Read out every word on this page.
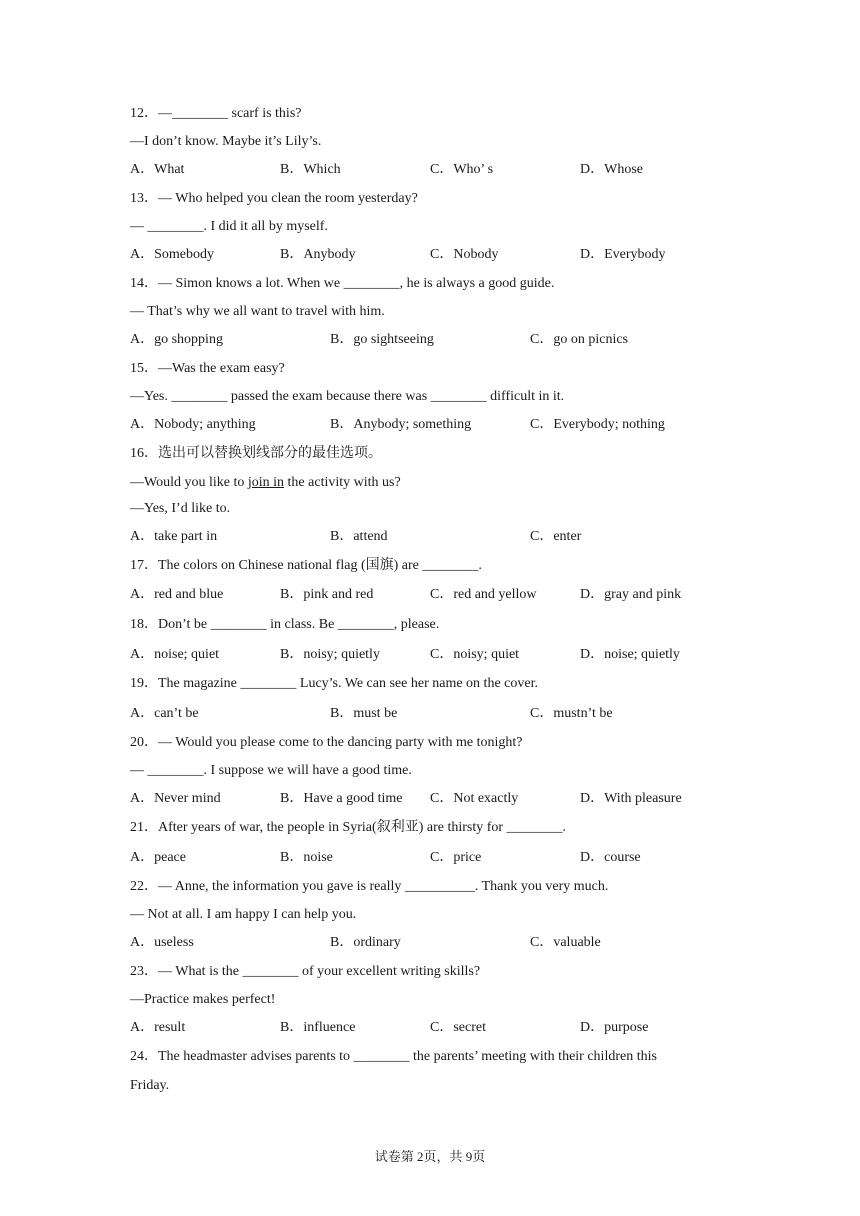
12．—________ scarf is this?
—I don’t know. Maybe it’s Lily’s.
A．What	B．Which	C．Who’ s	D．Whose
13．— Who helped you clean the room yesterday?
— ________. I did it all by myself.
A．Somebody	B．Anybody	C．Nobody	D．Everybody
14．— Simon knows a lot. When we ________, he is always a good guide.
— That’s why we all want to travel with him.
A．go shopping	B．go sightseeing	C．go on picnics
15．—Was the exam easy?
—Yes. ________ passed the exam because there was ________ difficult in it.
A．Nobody; anything	B．Anybody; something	C．Everybody; nothing
16．选出可以替换划线部分的最佳选项。
—Would you like to join in the activity with us?
—Yes, I’d like to.
A．take part in	B．attend	C．enter
17．The colors on Chinese national flag (国旗) are ________.
A．red and blue	B．pink and red	C．red and yellow	D．gray and pink
18．Don’t be ________ in class. Be ________, please.
A．noise; quiet	B．noisy; quietly	C．noisy; quiet	D．noise; quietly
19．The magazine ________ Lucy’s. We can see her name on the cover.
A．can’t be	B．must be	C．mustn’t be
20．— Would you please come to the dancing party with me tonight?
— ________. I suppose we will have a good time.
A．Never mind	B．Have a good time C．Not exactly	D．With pleasure
21．After years of war, the people in Syria(叙利亚) are thirsty for ________.
A．peace	B．noise	C．price	D．course
22．— Anne, the information you gave is really __________. Thank you very much.
— Not at all. I am happy I can help you.
A．useless	B．ordinary	C．valuable
23．— What is the ________ of your excellent writing skills?
—Practice makes perfect!
A．result	B．influence	C．secret	D．purpose
24．The headmaster advises parents to ________ the parents’ meeting with their children this
Friday.
试卷第 2页，共 9页
